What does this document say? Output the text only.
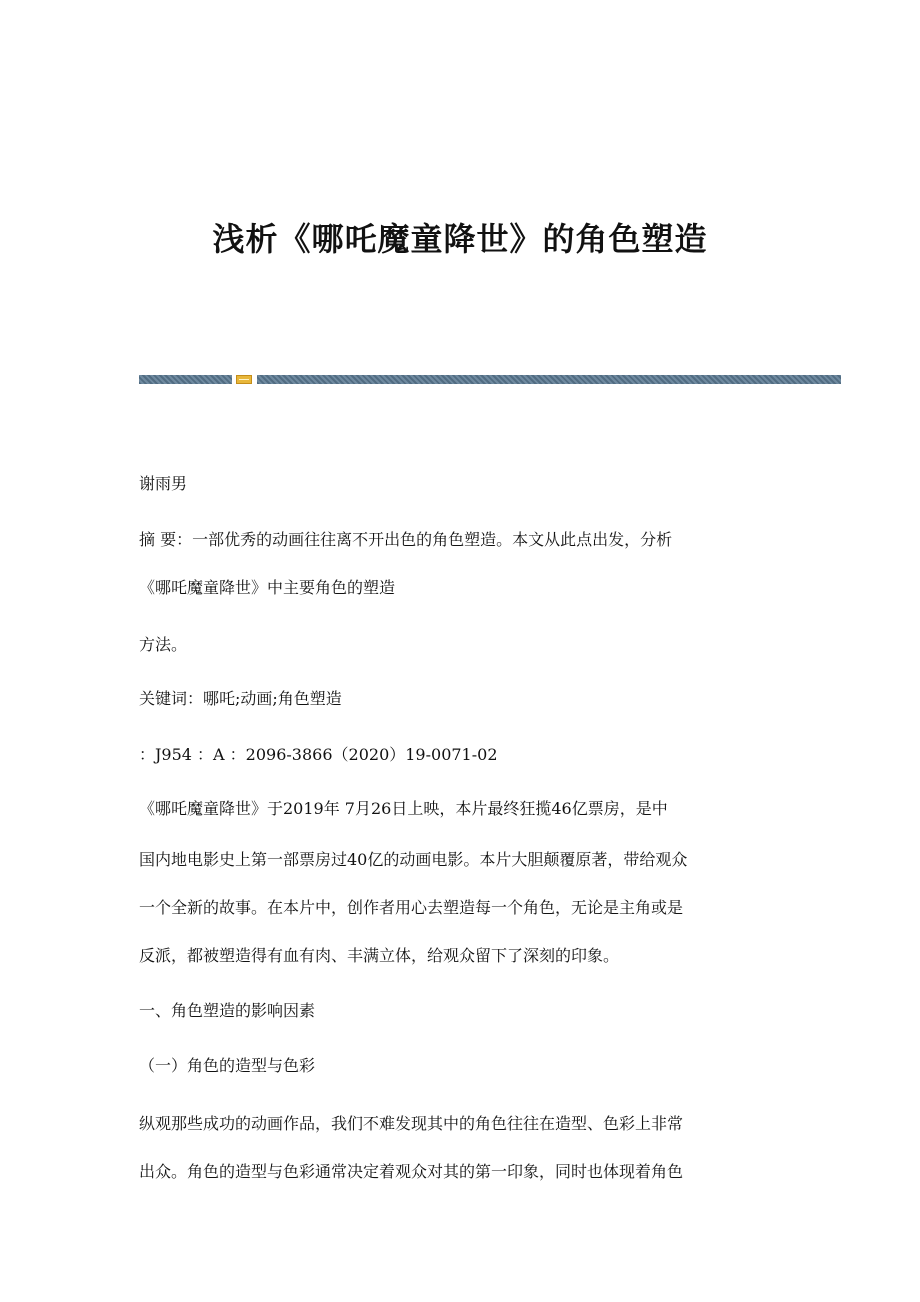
浅析《哪吒魔童降世》的角色塑造

谢雨男

摘 要：一部优秀的动画往往离不开出色的角色塑造。本文从此点出发，分析

《哪吒魔童降世》中主要角色的塑造

方法。

关键词：哪吒;动画;角色塑造

：J954 ：A ：2096-3866（2020）19-0071-02

《哪吒魔童降世》于2019年 7月26日上映，本片最终狂揽46亿票房，是中

国内地电影史上第一部票房过40亿的动画电影。本片大胆颠覆原著，带给观众

一个全新的故事。在本片中，创作者用心去塑造每一个角色，无论是主角或是

反派，都被塑造得有血有肉、丰满立体，给观众留下了深刻的印象。

一、角色塑造的影响因素

（一）角色的造型与色彩

纵观那些成功的动画作品，我们不难发现其中的角色往往在造型、色彩上非常

出众。角色的造型与色彩通常决定着观众对其的第一印象，同时也体现着角色
